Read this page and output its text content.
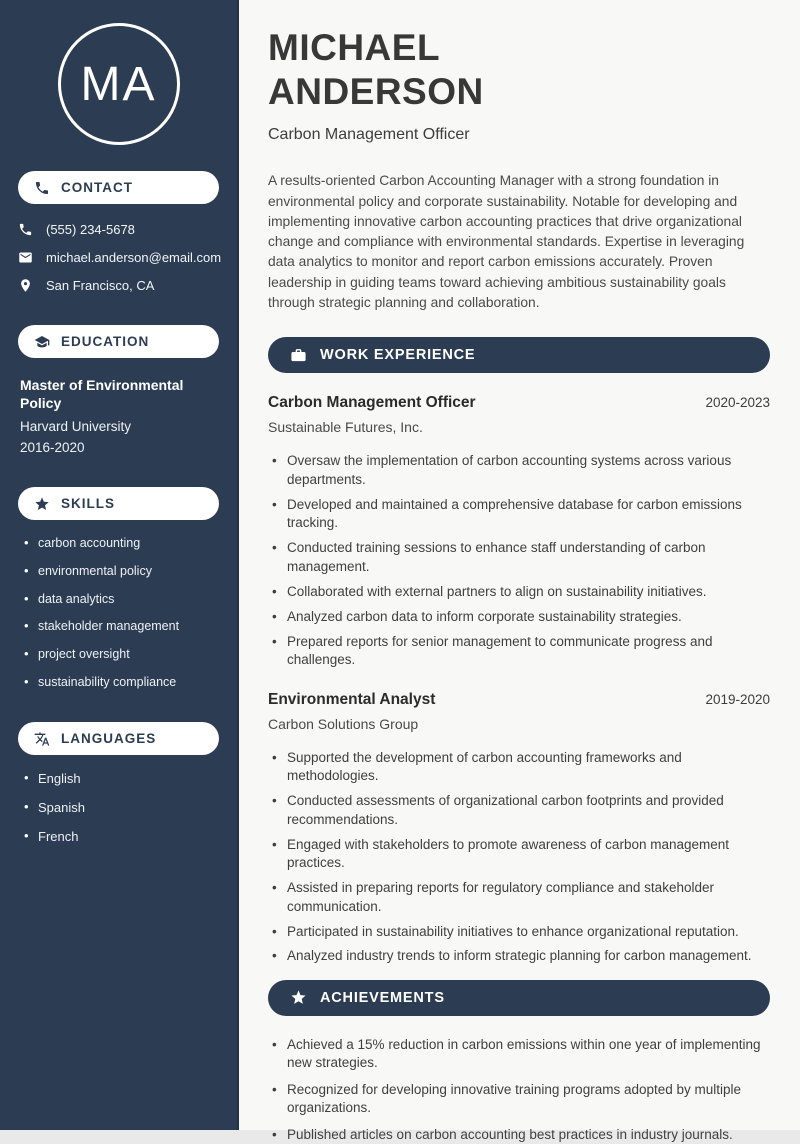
MA
CONTACT
(555) 234-5678
michael.anderson@email.com
San Francisco, CA
EDUCATION
Master of Environmental Policy
Harvard University
2016-2020
SKILLS
• carbon accounting
• environmental policy
• data analytics
• stakeholder management
• project oversight
• sustainability compliance
LANGUAGES
• English
• Spanish
• French
MICHAEL
ANDERSON
Carbon Management Officer

A results-oriented Carbon Accounting Manager with a strong foundation in environmental policy and corporate sustainability. Notable for developing and implementing innovative carbon accounting practices that drive organizational change and compliance with environmental standards. Expertise in leveraging data analytics to monitor and report carbon emissions accurately. Proven leadership in guiding teams toward achieving ambitious sustainability goals through strategic planning and collaboration.

WORK EXPERIENCE
Carbon Management Officer	2020-2023
Sustainable Futures, Inc.
• Oversaw the implementation of carbon accounting systems across various departments.
• Developed and maintained a comprehensive database for carbon emissions tracking.
• Conducted training sessions to enhance staff understanding of carbon management.
• Collaborated with external partners to align on sustainability initiatives.
• Analyzed carbon data to inform corporate sustainability strategies.
• Prepared reports for senior management to communicate progress and challenges.
Environmental Analyst	2019-2020
Carbon Solutions Group
• Supported the development of carbon accounting frameworks and methodologies.
• Conducted assessments of organizational carbon footprints and provided recommendations.
• Engaged with stakeholders to promote awareness of carbon management practices.
• Assisted in preparing reports for regulatory compliance and stakeholder communication.
• Participated in sustainability initiatives to enhance organizational reputation.
• Analyzed industry trends to inform strategic planning for carbon management.
ACHIEVEMENTS
• Achieved a 15% reduction in carbon emissions within one year of implementing new strategies.
• Recognized for developing innovative training programs adopted by multiple organizations.
• Published articles on carbon accounting best practices in industry journals.
